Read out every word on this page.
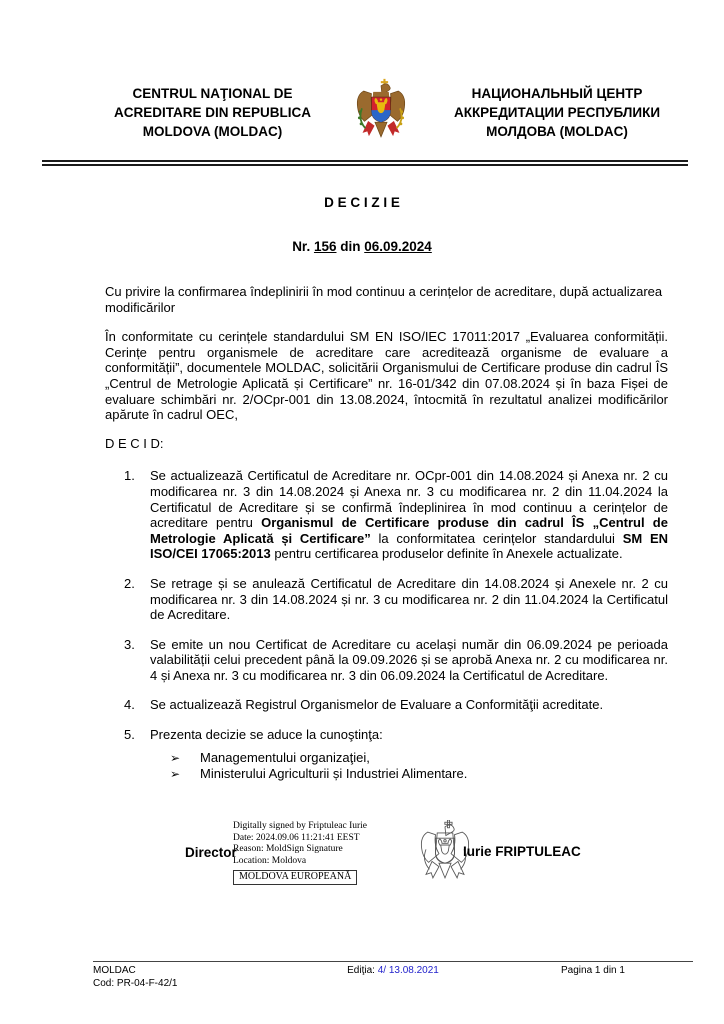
CENTRUL NAŢIONAL DE
ACREDITARE DIN REPUBLICA
MOLDOVA (MOLDAC)
НАЦИОНАЛЬНЫЙ ЦЕНТР
АККРЕДИТАЦИИ РЕСПУБЛИКИ
МОЛДОВА (MOLDAC)
D E C I Z I E
Nr. 156 din 06.09.2024

Cu privire la confirmarea îndeplinirii în mod continuu a cerințelor de acreditare, după actualizarea modificărilor

În conformitate cu cerințele standardului SM EN ISO/IEC 17011:2017 „Evaluarea conformității. Cerințe pentru organismele de acreditare care acreditează organisme de evaluare a conformității”, documentele MOLDAC, solicitării Organismului de Certificare produse din cadrul ÎS „Centrul de Metrologie Aplicată și Certificare” nr. 16-01/342 din 07.08.2024 și în baza Fișei de evaluare schimbări nr. 2/OCpr-001 din 13.08.2024, întocmită în rezultatul analizei modificărilor apărute în cadrul OEC,

D E C I D:

1.	Se actualizează Certificatul de Acreditare nr. OCpr-001 din 14.08.2024 și Anexa nr. 2 cu modificarea nr. 3 din 14.08.2024 și Anexa nr. 3 cu modificarea nr. 2 din 11.04.2024 la Certificatul de Acreditare și se confirmă îndeplinirea în mod continuu a cerințelor de acreditare pentru Organismul de Certificare produse din cadrul ÎS „Centrul de Metrologie Aplicată și Certificare” la conformitatea cerințelor standardului SM EN ISO/CEI 17065:2013 pentru certificarea produselor definite în Anexele actualizate.
2.	Se retrage și se anulează Certificatul de Acreditare din 14.08.2024 și Anexele nr. 2 cu modificarea nr. 3 din 14.08.2024 și nr. 3 cu modificarea nr. 2 din 11.04.2024 la Certificatul de Acreditare.
3.	Se emite un nou Certificat de Acreditare cu același număr din 06.09.2024 pe perioada valabilității celui precedent până la 09.09.2026 și se aprobă Anexa nr. 2 cu modificarea nr. 4 și Anexa nr. 3 cu modificarea nr. 3 din 06.09.2024 la Certificatul de Acreditare.
4.	Se actualizează Registrul Organismelor de Evaluare a Conformităţii acreditate.
5.	Prezenta decizie se aduce la cunoştinţa:
➢	Managementului organizaţiei,
➢	Ministerului Agriculturii și Industriei Alimentare.
Director
Digitally signed by Friptuleac Iurie
Date: 2024.09.06 11:21:41 EEST
Reason: MoldSign Signature
Location: Moldova
MOLDOVA EUROPEANĂ
Iurie FRIPTULEAC
MOLDAC
Cod: PR-04-F-42/1
Ediţia: 4/ 13.08.2021	Pagina 1 din 1
